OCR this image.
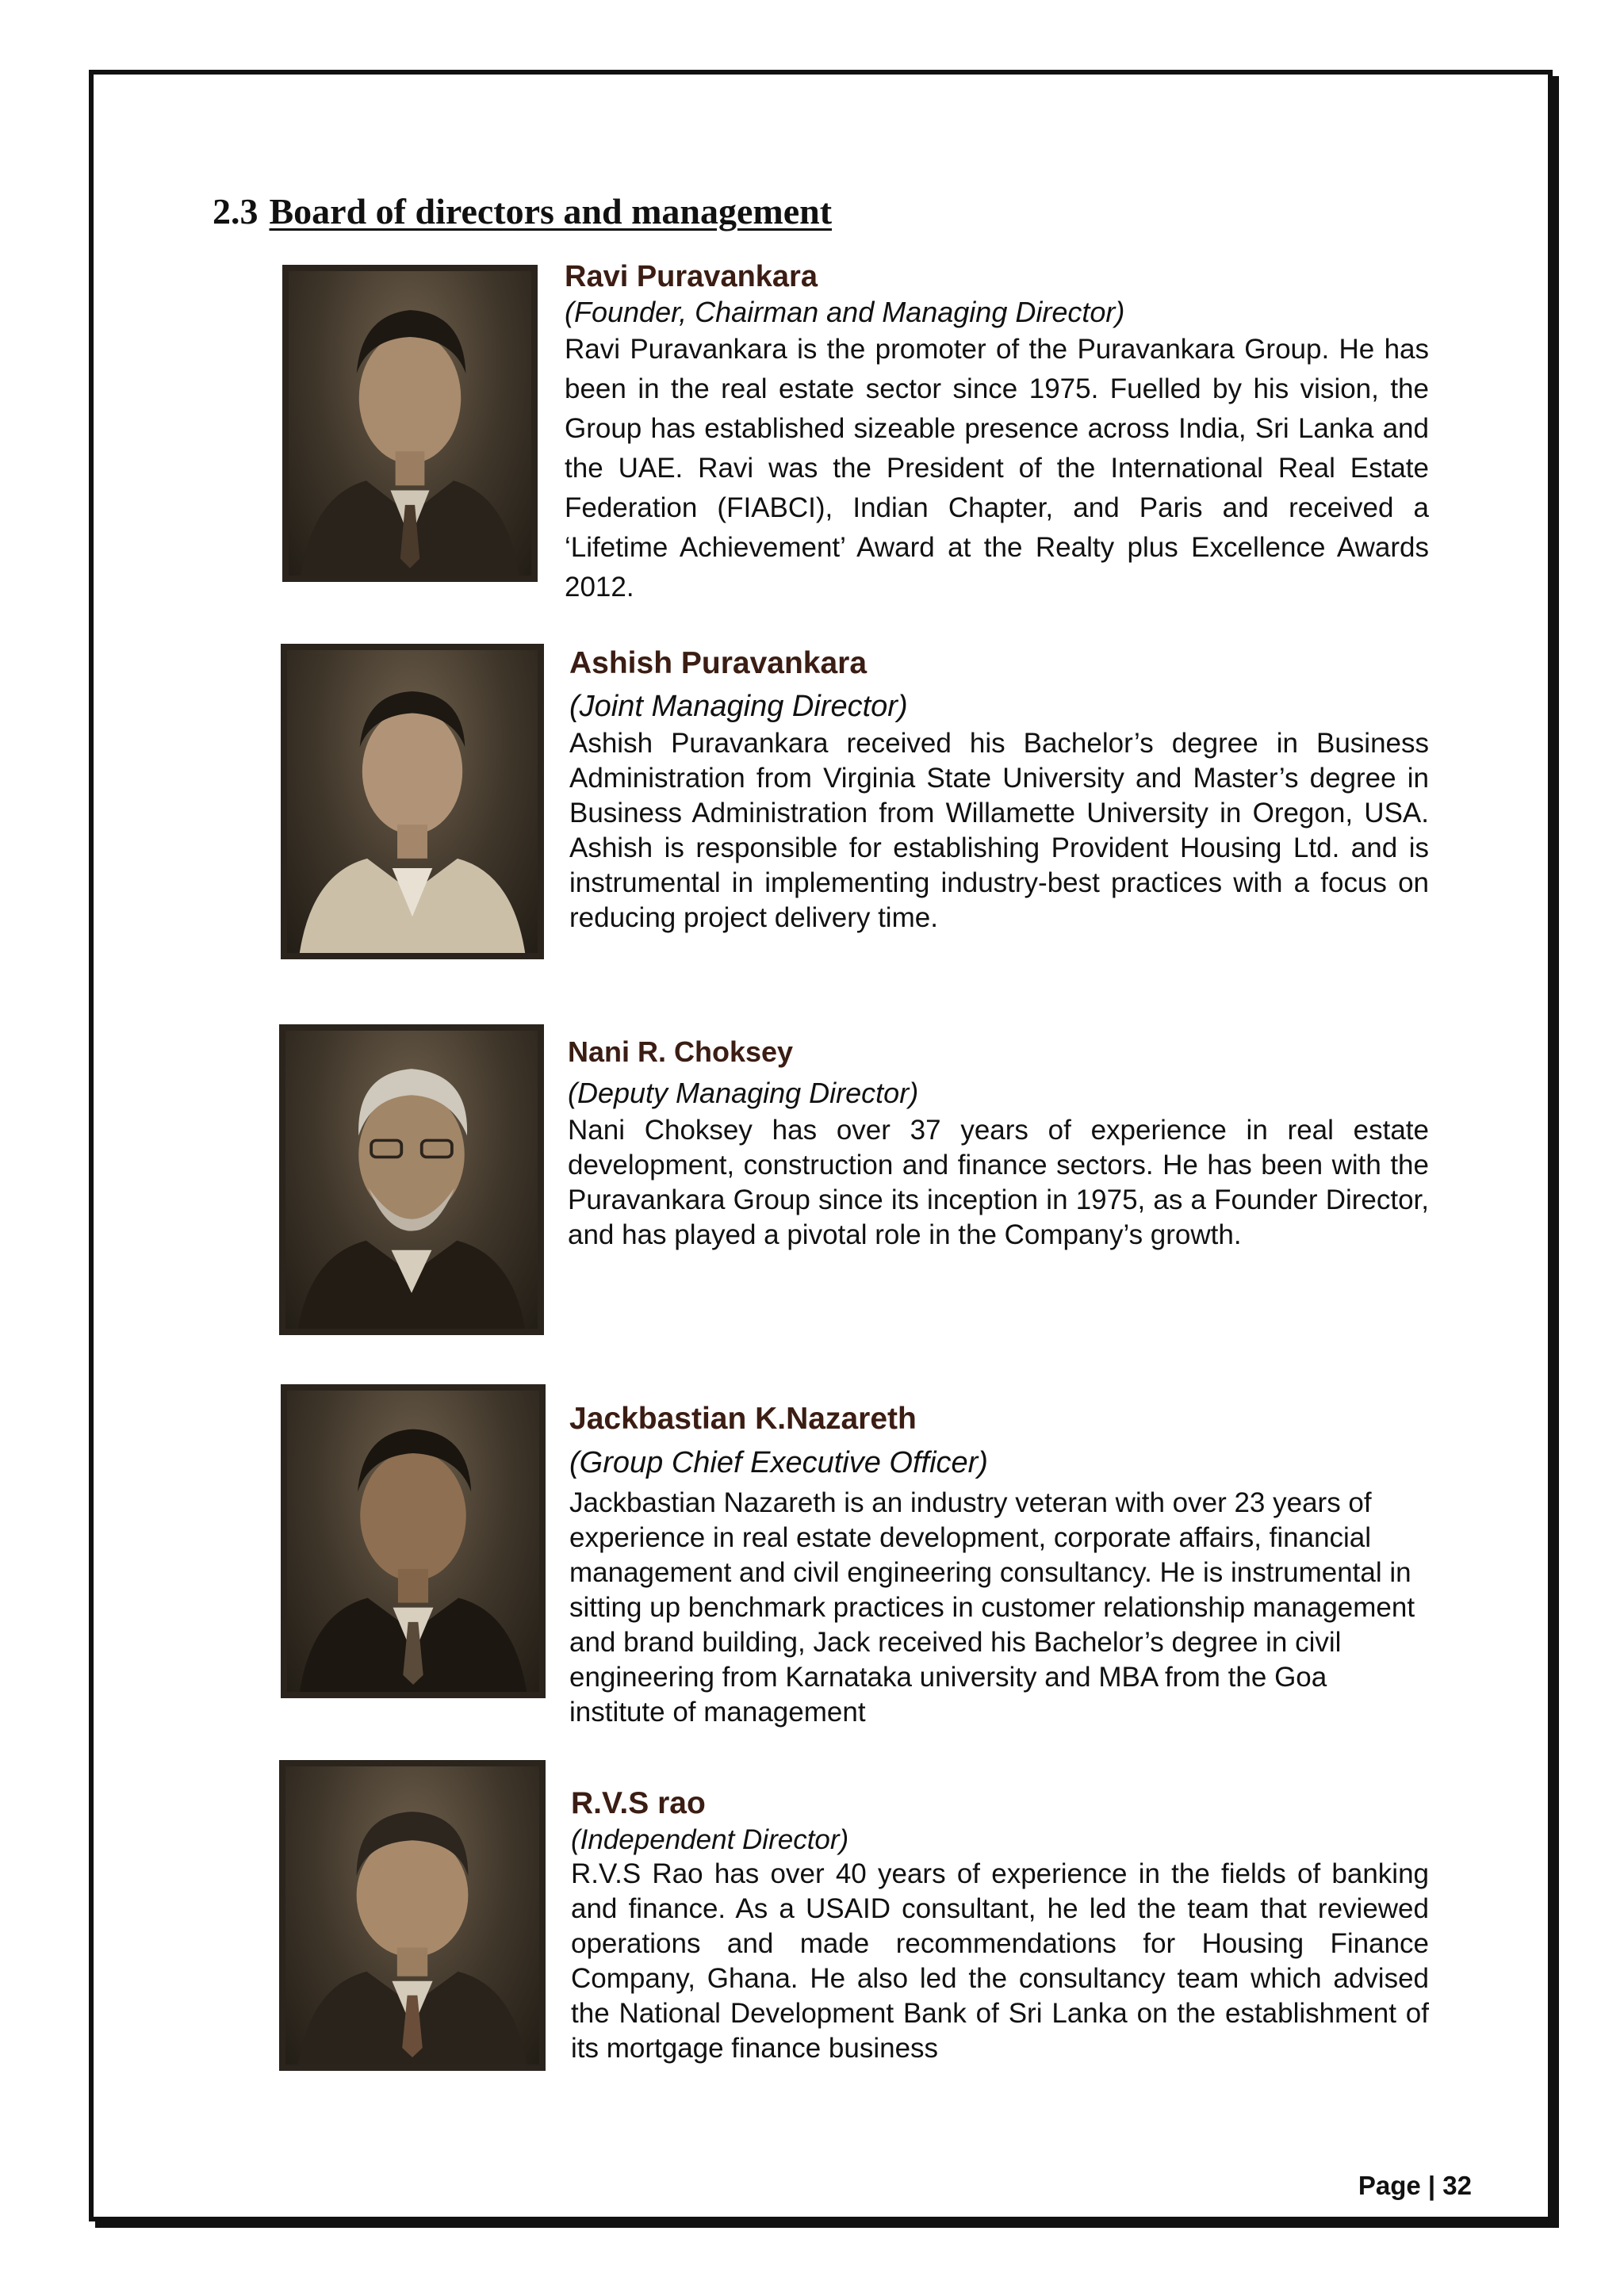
2.3 Board of directors and management
Ravi Puravankara
(Founder, Chairman and Managing Director)
Ravi Puravankara is the promoter of the Puravankara Group. He has been in the real estate sector since 1975. Fuelled by his vision, the Group has established sizeable presence across India, Sri Lanka and the UAE. Ravi was the President of the International Real Estate Federation (FIABCI), Indian Chapter, and Paris and received a ‘Lifetime Achievement’ Award at the Realty plus Excellence Awards 2012.
Ashish Puravankara
(Joint Managing Director)
Ashish Puravankara received his Bachelor’s degree in Business Administration from Virginia State University and Master’s degree in Business Administration from Willamette University in Oregon, USA. Ashish is responsible for establishing Provident Housing Ltd. and is instrumental in implementing industry-best practices with a focus on reducing project delivery time.
Nani R. Choksey
(Deputy Managing Director)
Nani Choksey has over 37 years of experience in real estate development, construction and finance sectors. He has been with the Puravankara Group since its inception in 1975, as a Founder Director, and has played a pivotal role in the Company’s growth.
Jackbastian K.Nazareth
(Group Chief Executive Officer)
Jackbastian Nazareth is an industry veteran with over 23 years of experience in real estate development, corporate affairs, financial management and civil engineering consultancy. He is instrumental in sitting up benchmark practices in customer relationship management and brand building, Jack received his Bachelor’s degree in civil engineering from Karnataka university and MBA from the Goa institute of management
R.V.S rao
(Independent Director)
R.V.S Rao has over 40 years of experience in the fields of banking and finance. As a USAID consultant, he led the team that reviewed operations and made recommendations for Housing Finance Company, Ghana. He also led the consultancy team which advised the National Development Bank of Sri Lanka on the establishment of its mortgage finance business
Page | 32
